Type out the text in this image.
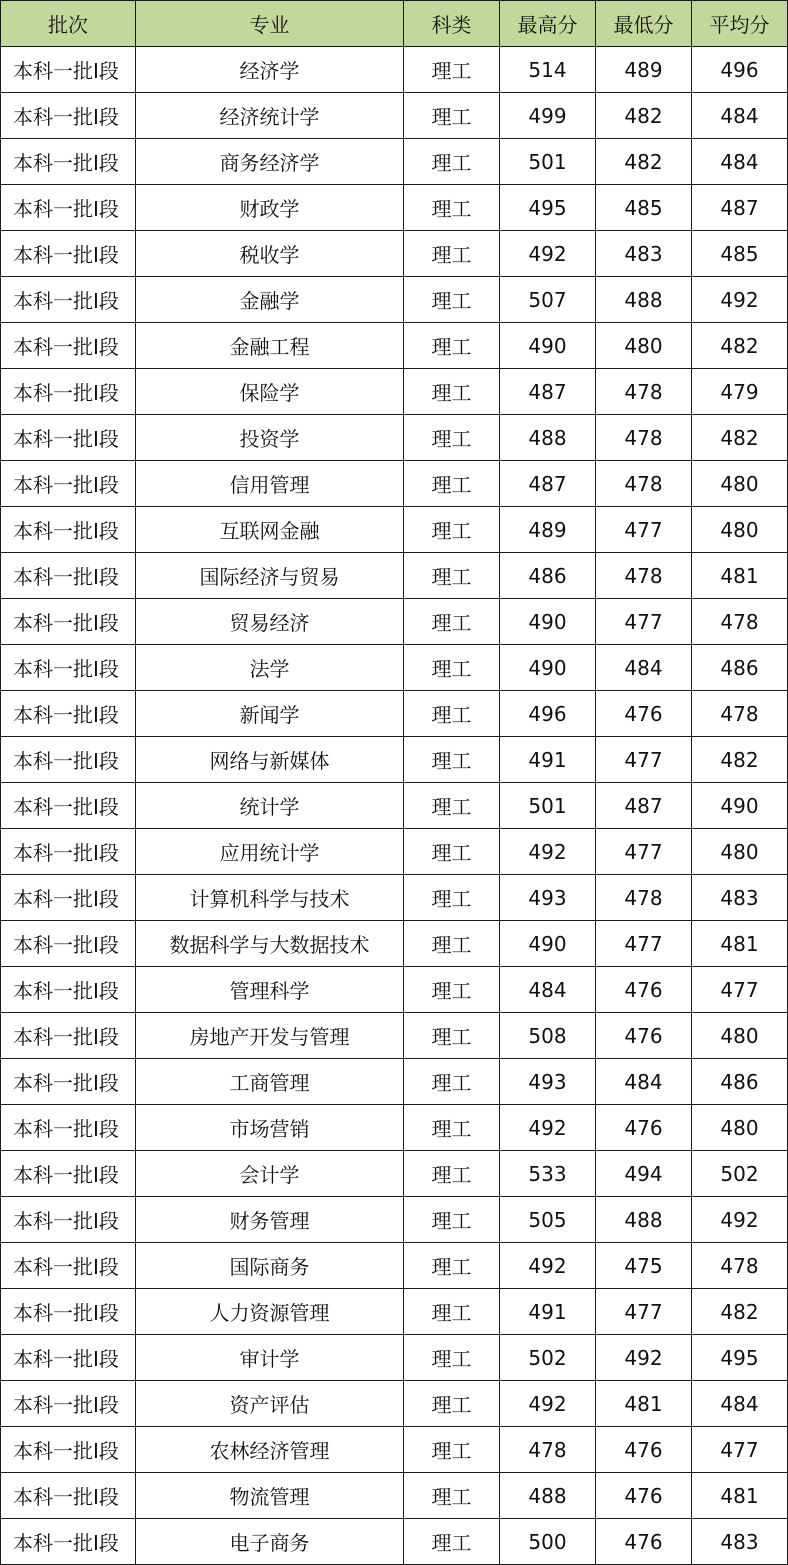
批次	专业	科类	最高分	最低分	平均分
本科一批I段	经济学	理工	514	489	496
本科一批I段	经济统计学	理工	499	482	484
本科一批I段	商务经济学	理工	501	482	484
本科一批I段	财政学	理工	495	485	487
本科一批I段	税收学	理工	492	483	485
本科一批I段	金融学	理工	507	488	492
本科一批I段	金融工程	理工	490	480	482
本科一批I段	保险学	理工	487	478	479
本科一批I段	投资学	理工	488	478	482
本科一批I段	信用管理	理工	487	478	480
本科一批I段	互联网金融	理工	489	477	480
本科一批I段	国际经济与贸易	理工	486	478	481
本科一批I段	贸易经济	理工	490	477	478
本科一批I段	法学	理工	490	484	486
本科一批I段	新闻学	理工	496	476	478
本科一批I段	网络与新媒体	理工	491	477	482
本科一批I段	统计学	理工	501	487	490
本科一批I段	应用统计学	理工	492	477	480
本科一批I段	计算机科学与技术	理工	493	478	483
本科一批I段	数据科学与大数据技术	理工	490	477	481
本科一批I段	管理科学	理工	484	476	477
本科一批I段	房地产开发与管理	理工	508	476	480
本科一批I段	工商管理	理工	493	484	486
本科一批I段	市场营销	理工	492	476	480
本科一批I段	会计学	理工	533	494	502
本科一批I段	财务管理	理工	505	488	492
本科一批I段	国际商务	理工	492	475	478
本科一批I段	人力资源管理	理工	491	477	482
本科一批I段	审计学	理工	502	492	495
本科一批I段	资产评估	理工	492	481	484
本科一批I段	农林经济管理	理工	478	476	477
本科一批I段	物流管理	理工	488	476	481
本科一批I段	电子商务	理工	500	476	483
